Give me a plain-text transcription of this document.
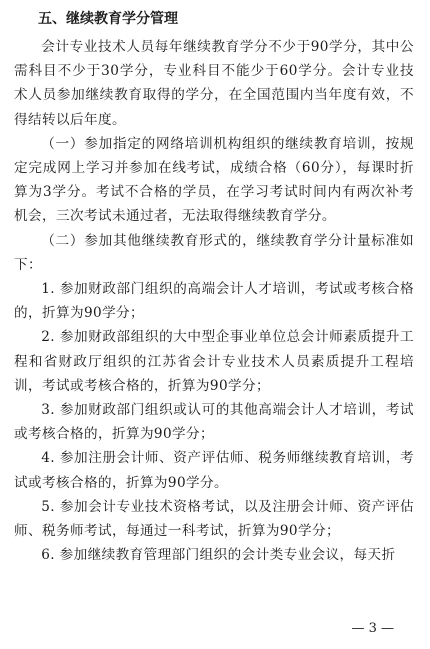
五、继续教育学分管理

会计专业技术人员每年继续教育学分不少于90学分，其中公需科目不少于30学分，专业科目不能少于60学分。会计专业技术人员参加继续教育取得的学分，在全国范围内当年度有效，不得结转以后年度。

（一）参加指定的网络培训机构组织的继续教育培训，按规定完成网上学习并参加在线考试，成绩合格（60分），每课时折算为3学分。考试不合格的学员，在学习考试时间内有两次补考机会，三次考试未通过者，无法取得继续教育学分。

（二）参加其他继续教育形式的，继续教育学分计量标准如下：

1. 参加财政部门组织的高端会计人才培训，考试或考核合格的，折算为90学分；

2. 参加财政部组织的大中型企事业单位总会计师素质提升工程和省财政厅组织的江苏省会计专业技术人员素质提升工程培训，考试或考核合格的，折算为90学分；

3. 参加财政部门组织或认可的其他高端会计人才培训，考试或考核合格的，折算为90学分；

4. 参加注册会计师、资产评估师、税务师继续教育培训，考试或考核合格的，折算为90学分。

5. 参加会计专业技术资格考试，以及注册会计师、资产评估师、税务师考试，每通过一科考试，折算为90学分；

6. 参加继续教育管理部门组织的会计类专业会议，每天折

— 3 —
